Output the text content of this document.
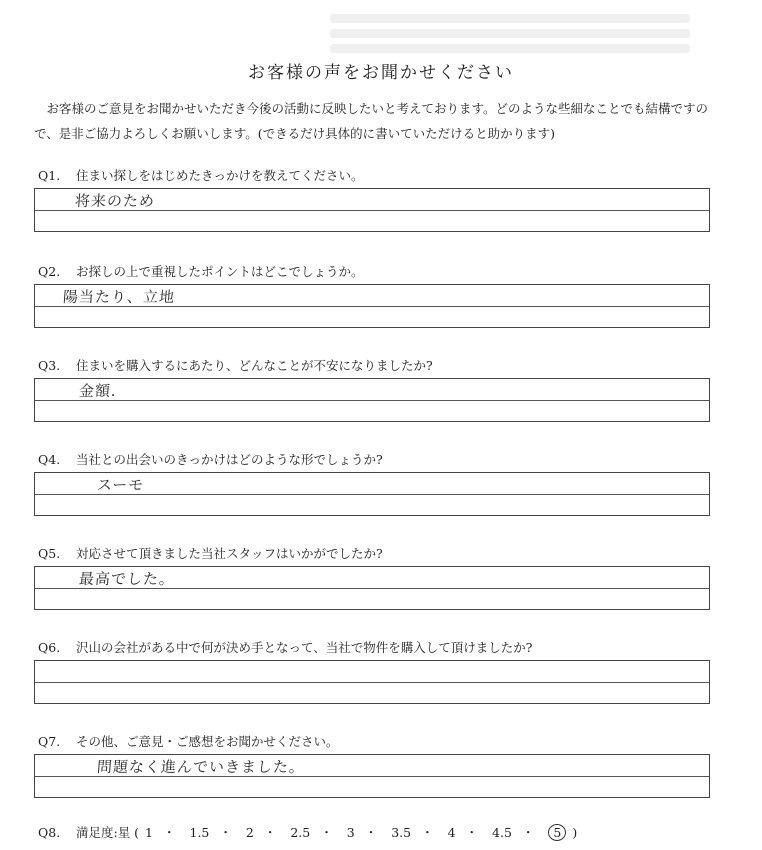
お客様の声をお聞かせください
お客様のご意見をお聞かせいただき今後の活動に反映したいと考えております。どのような些細なことでも結構ですので、是非ご協力よろしくお願いします。(できるだけ具体的に書いていただけると助かります)
Q1. 住まい探しをはじめたきっかけを教えてください。
将来のため
Q2. お探しの上で重視したポイントはどこでしょうか。
陽当たり、立地
Q3. 住まいを購入するにあたり、どんなことが不安になりましたか?
金額.
Q4. 当社との出会いのきっかけはどのような形でしょうか?
スーモ
Q5. 対応させて頂きました当社スタッフはいかがでしたか?
最高でした。
Q6. 沢山の会社がある中で何が決め手となって、当社で物件を購入して頂けましたか?
Q7. その他、ご意見・ご感想をお聞かせください。
問題なく進んでいきました。
Q8. 満足度:星 ( 1 ・ 1.5 ・ 2 ・ 2.5 ・ 3 ・ 3.5 ・ 4 ・ 4.5 ・ 5 )
